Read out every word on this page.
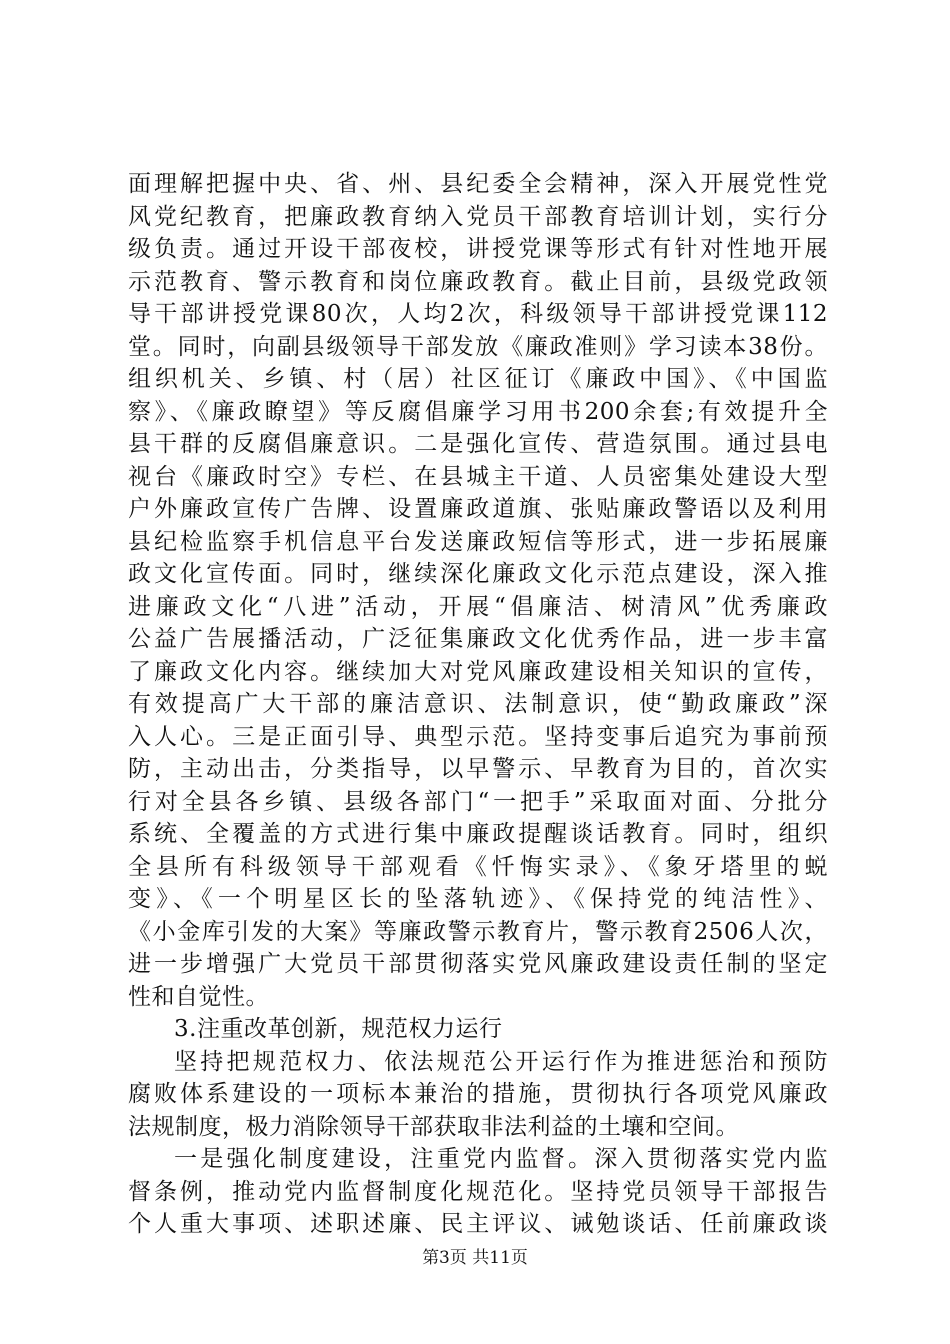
面理解把握中央、省、州、县纪委全会精神，深入开展党性党
风党纪教育，把廉政教育纳入党员干部教育培训计划，实行分
级负责。通过开设干部夜校，讲授党课等形式有针对性地开展
示范教育、警示教育和岗位廉政教育。截止目前，县级党政领
导干部讲授党课80次，人均2次，科级领导干部讲授党课112
堂。同时，向副县级领导干部发放《廉政准则》学习读本38份。
组织机关、乡镇、村（居）社区征订《廉政中国》、《中国监
察》、《廉政瞭望》等反腐倡廉学习用书200余套;有效提升全
县干群的反腐倡廉意识。二是强化宣传、营造氛围。通过县电
视台《廉政时空》专栏、在县城主干道、人员密集处建设大型
户外廉政宣传广告牌、设置廉政道旗、张贴廉政警语以及利用
县纪检监察手机信息平台发送廉政短信等形式，进一步拓展廉
政文化宣传面。同时，继续深化廉政文化示范点建设，深入推
进廉政文化“八进”活动，开展“倡廉洁、树清风”优秀廉政
公益广告展播活动，广泛征集廉政文化优秀作品，进一步丰富
了廉政文化内容。继续加大对党风廉政建设相关知识的宣传，
有效提高广大干部的廉洁意识、法制意识，使“勤政廉政”深
入人心。三是正面引导、典型示范。坚持变事后追究为事前预
防，主动出击，分类指导，以早警示、早教育为目的，首次实
行对全县各乡镇、县级各部门“一把手”采取面对面、分批分
系统、全覆盖的方式进行集中廉政提醒谈话教育。同时，组织
全县所有科级领导干部观看《忏悔实录》、《象牙塔里的蜕
变》、《一个明星区长的坠落轨迹》、《保持党的纯洁性》、
《小金库引发的大案》等廉政警示教育片，警示教育2506人次，
进一步增强广大党员干部贯彻落实党风廉政建设责任制的坚定
性和自觉性。
3.注重改革创新，规范权力运行
坚持把规范权力、依法规范公开运行作为推进惩治和预防
腐败体系建设的一项标本兼治的措施，贯彻执行各项党风廉政
法规制度，极力消除领导干部获取非法利益的土壤和空间。
一是强化制度建设，注重党内监督。深入贯彻落实党内监
督条例，推动党内监督制度化规范化。坚持党员领导干部报告
个人重大事项、述职述廉、民主评议、诫勉谈话、任前廉政谈
第3页 共11页
